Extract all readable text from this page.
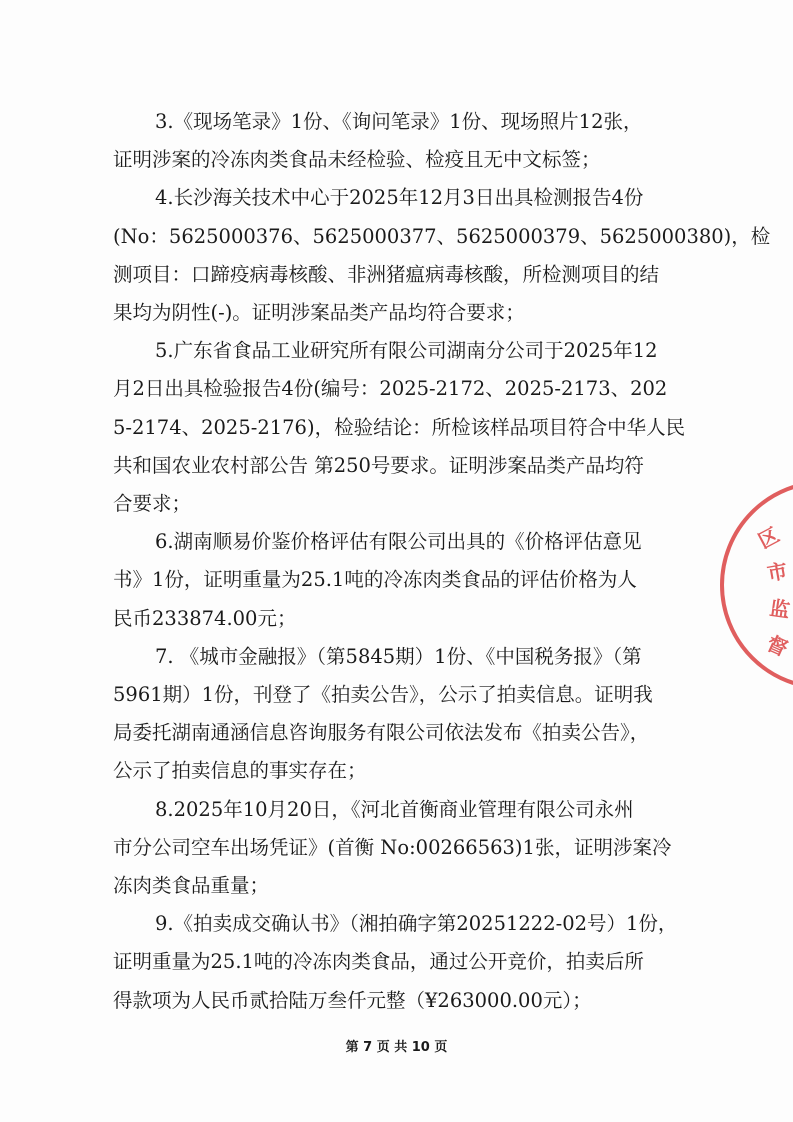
3.《现场笔录》1份、《询问笔录》1份、现场照片12张，
证明涉案的冷冻肉类食品未经检验、检疫且无中文标签；

4.长沙海关技术中心于2025年12月3日出具检测报告4份
(No：5625000376、5625000377、5625000379、5625000380)，检
测项目：口蹄疫病毒核酸、非洲猪瘟病毒核酸，所检测项目的结
果均为阴性(-)。证明涉案品类产品均符合要求；

5.广东省食品工业研究所有限公司湖南分公司于2025年12
月2日出具检验报告4份(编号：2025-2172、2025-2173、202
5-2174、2025-2176)，检验结论：所检该样品项目符合中华人民
共和国农业农村部公告 第250号要求。证明涉案品类产品均符
合要求；

6.湖南顺易价鉴价格评估有限公司出具的《价格评估意见
书》1份，证明重量为25.1吨的冷冻肉类食品的评估价格为人
民币233874.00元；

7. 《城市金融报》（第5845期）1份、《中国税务报》（第
5961期）1份，刊登了《拍卖公告》，公示了拍卖信息。证明我
局委托湖南通涵信息咨询服务有限公司依法发布《拍卖公告》，
公示了拍卖信息的事实存在；

8.2025年10月20日，《河北首衡商业管理有限公司永州
市分公司空车出场凭证》(首衡 No:00266563)1张，证明涉案冷
冻肉类食品重量；

9.《拍卖成交确认书》（湘拍确字第20251222-02号）1份，
证明重量为25.1吨的冷冻肉类食品，通过公开竞价，拍卖后所
得款项为人民币贰拾陆万叁仟元整（¥263000.00元）；

区
市
监
督
第 7 页 共 10 页
